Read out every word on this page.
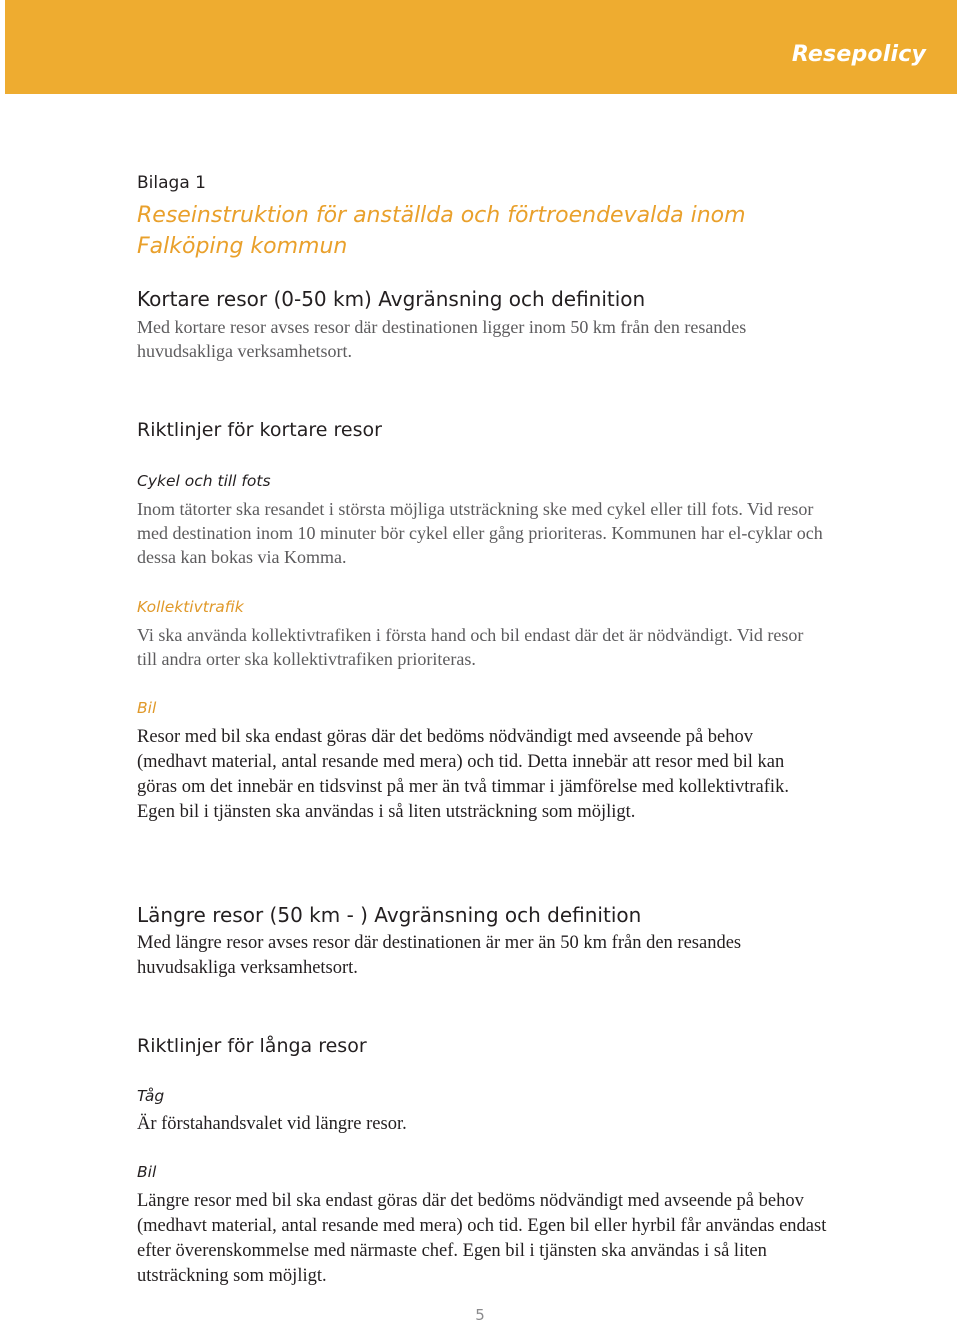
Resepolicy
Bilaga 1
Reseinstruktion för anställda och förtroendevalda inom Falköping kommun
Kortare resor (0-50 km) Avgränsning och definition

Med kortare resor avses resor där destinationen ligger inom 50 km från den resandes huvudsakliga verksamhetsort.

Riktlinjer för kortare resor
Cykel och till fots

Inom tätorter ska resandet i största möjliga utsträckning ske med cykel eller till fots. Vid resor med destination inom 10 minuter bör cykel eller gång prioriteras. Kommunen har el-cyklar och dessa kan bokas via Komma.

Kollektivtrafik

Vi ska använda kollektivtrafiken i första hand och bil endast där det är nödvändigt. Vid resor till andra orter ska kollektivtrafiken prioriteras.

Bil

Resor med bil ska endast göras där det bedöms nödvändigt med avseende på behov (medhavt material, antal resande med mera) och tid. Detta innebär att resor med bil kan göras om det innebär en tidsvinst på mer än två timmar i jämförelse med kollektivtrafik. Egen bil i tjänsten ska användas i så liten utsträckning som möjligt.

Längre resor (50 km - ) Avgränsning och definition

Med längre resor avses resor där destinationen är mer än 50 km från den resandes huvudsakliga verksamhetsort.

Riktlinjer för långa resor
Tåg

Är förstahandsvalet vid längre resor.

Bil

Längre resor med bil ska endast göras där det bedöms nödvändigt med avseende på behov (medhavt material, antal resande med mera) och tid. Egen bil eller hyrbil får användas endast efter överenskommelse med närmaste chef. Egen bil i tjänsten ska användas i så liten utsträckning som möjligt.

5
